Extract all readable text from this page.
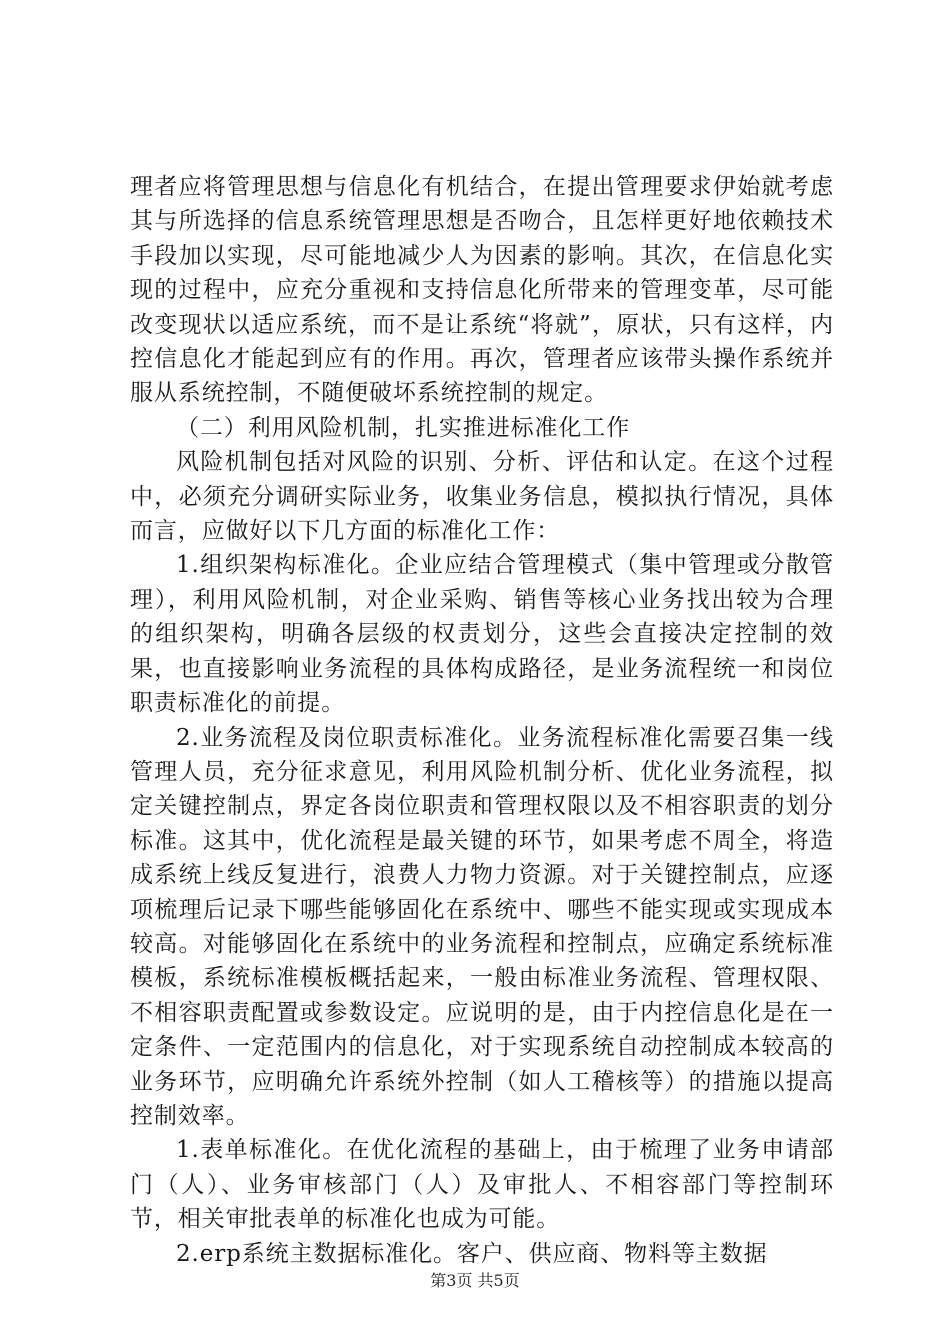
理者应将管理思想与信息化有机结合，在提出管理要求伊始就考虑其与所选择的信息系统管理思想是否吻合，且怎样更好地依赖技术手段加以实现，尽可能地减少人为因素的影响。其次，在信息化实现的过程中，应充分重视和支持信息化所带来的管理变革，尽可能改变现状以适应系统，而不是让系统“将就”，原状，只有这样，内控信息化才能起到应有的作用。再次，管理者应该带头操作系统并服从系统控制，不随便破坏系统控制的规定。

（二）利用风险机制，扎实推进标准化工作

风险机制包括对风险的识别、分析、评估和认定。在这个过程中，必须充分调研实际业务，收集业务信息，模拟执行情况，具体而言，应做好以下几方面的标准化工作：

1.组织架构标准化。企业应结合管理模式（集中管理或分散管理），利用风险机制，对企业采购、销售等核心业务找出较为合理的组织架构，明确各层级的权责划分，这些会直接决定控制的效果，也直接影响业务流程的具体构成路径，是业务流程统一和岗位职责标准化的前提。

2.业务流程及岗位职责标准化。业务流程标准化需要召集一线管理人员，充分征求意见，利用风险机制分析、优化业务流程，拟定关键控制点，界定各岗位职责和管理权限以及不相容职责的划分标准。这其中，优化流程是最关键的环节，如果考虑不周全，将造成系统上线反复进行，浪费人力物力资源。对于关键控制点，应逐项梳理后记录下哪些能够固化在系统中、哪些不能实现或实现成本较高。对能够固化在系统中的业务流程和控制点，应确定系统标准模板，系统标准模板概括起来，一般由标准业务流程、管理权限、不相容职责配置或参数设定。应说明的是，由于内控信息化是在一定条件、一定范围内的信息化，对于实现系统自动控制成本较高的业务环节，应明确允许系统外控制（如人工稽核等）的措施以提高控制效率。

1.表单标准化。在优化流程的基础上，由于梳理了业务申请部门（人）、业务审核部门（人）及审批人、不相容部门等控制环节，相关审批表单的标准化也成为可能。

2.erp系统主数据标准化。客户、供应商、物料等主数据

第3页 共5页
